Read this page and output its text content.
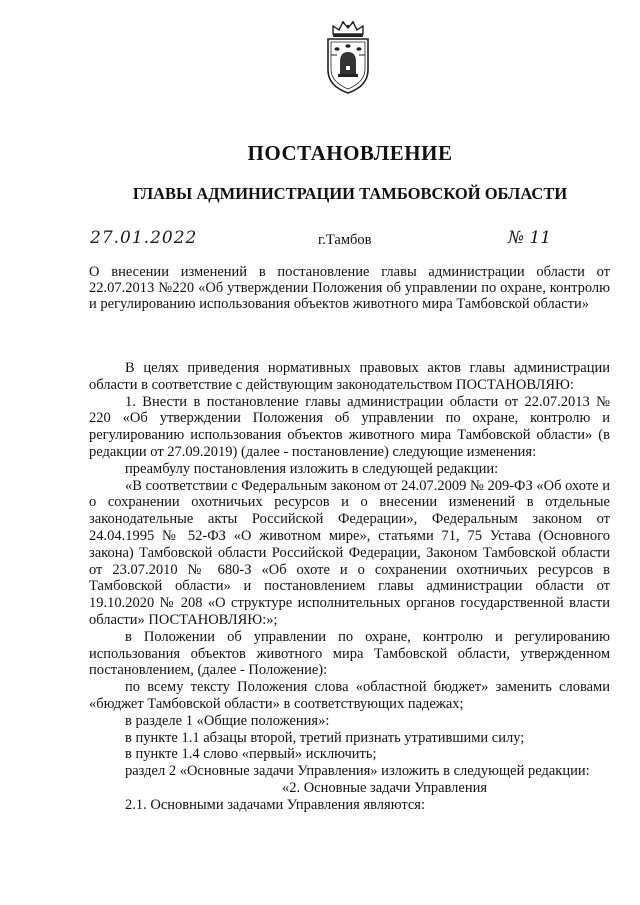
ПОСТАНОВЛЕНИЕ
ГЛАВЫ АДМИНИСТРАЦИИ ТАМБОВСКОЙ ОБЛАСТИ
27.01.2022	г.Тамбов	№ 11

О внесении изменений в постановление главы администрации области от 22.07.2013 №220 «Об утверждении Положения об управлении по охране, контролю и регулированию использования объектов животного мира Тамбовской области»

В целях приведения нормативных правовых актов главы администрации области в соответствие с действующим законодательством ПОСТАНОВЛЯЮ:

1. Внести в постановление главы администрации области от 22.07.2013 № 220 «Об утверждении Положения об управлении по охране, контролю и регулированию использования объектов животного мира Тамбовской области» (в редакции от 27.09.2019) (далее - постановление) следующие изменения:

преамбулу постановления изложить в следующей редакции:

«В соответствии с Федеральным законом от 24.07.2009 № 209-ФЗ «Об охоте и о сохранении охотничьих ресурсов и о внесении изменений в отдельные законодательные акты Российской Федерации», Федеральным законом от 24.04.1995 № 52-ФЗ «О животном мире», статьями 71, 75 Устава (Основного закона) Тамбовской области Российской Федерации, Законом Тамбовской области от 23.07.2010 № 680-З «Об охоте и о сохранении охотничьих ресурсов в Тамбовской области» и постановлением главы администрации области от 19.10.2020 № 208 «О структуре исполнительных органов государственной власти области» ПОСТАНОВЛЯЮ:»;

в Положении об управлении по охране, контролю и регулированию использования объектов животного мира Тамбовской области, утвержденном постановлением, (далее - Положение):

по всему тексту Положения слова «областной бюджет» заменить словами «бюджет Тамбовской области» в соответствующих падежах;

в разделе 1 «Общие положения»:

в пункте 1.1 абзацы второй, третий признать утратившими силу;

в пункте 1.4 слово «первый» исключить;

раздел 2 «Основные задачи Управления» изложить в следующей редакции:

«2. Основные задачи Управления

2.1. Основными задачами Управления являются:
